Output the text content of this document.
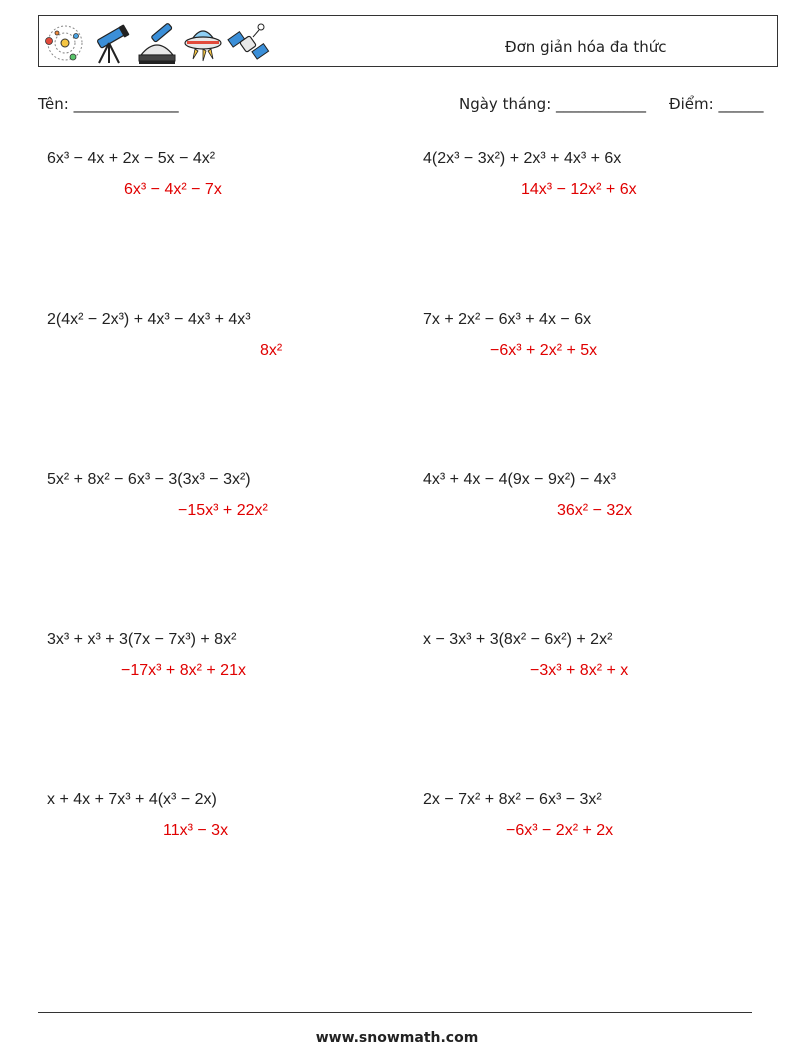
Đơn giản hóa đa thức
Tên: ______________	Ngày tháng: ____________ Điểm: ______
6x³ − 4x + 2x − 5x − 4x²
6x³ − 4x² − 7x
4(2x³ − 3x²) + 2x³ + 4x³ + 6x
14x³ − 12x² + 6x
2(4x² − 2x³) + 4x³ − 4x³ + 4x³
8x²
7x + 2x² − 6x³ + 4x − 6x
−6x³ + 2x² + 5x
5x² + 8x² − 6x³ − 3(3x³ − 3x²)
−15x³ + 22x²
4x³ + 4x − 4(9x − 9x²) − 4x³
36x² − 32x
3x³ + x³ + 3(7x − 7x³) + 8x²
−17x³ + 8x² + 21x
x − 3x³ + 3(8x² − 6x²) + 2x²
−3x³ + 8x² + x
x + 4x + 7x³ + 4(x³ − 2x)
11x³ − 3x
2x − 7x² + 8x² − 6x³ − 3x²
−6x³ − 2x² + 2x
www.snowmath.com
